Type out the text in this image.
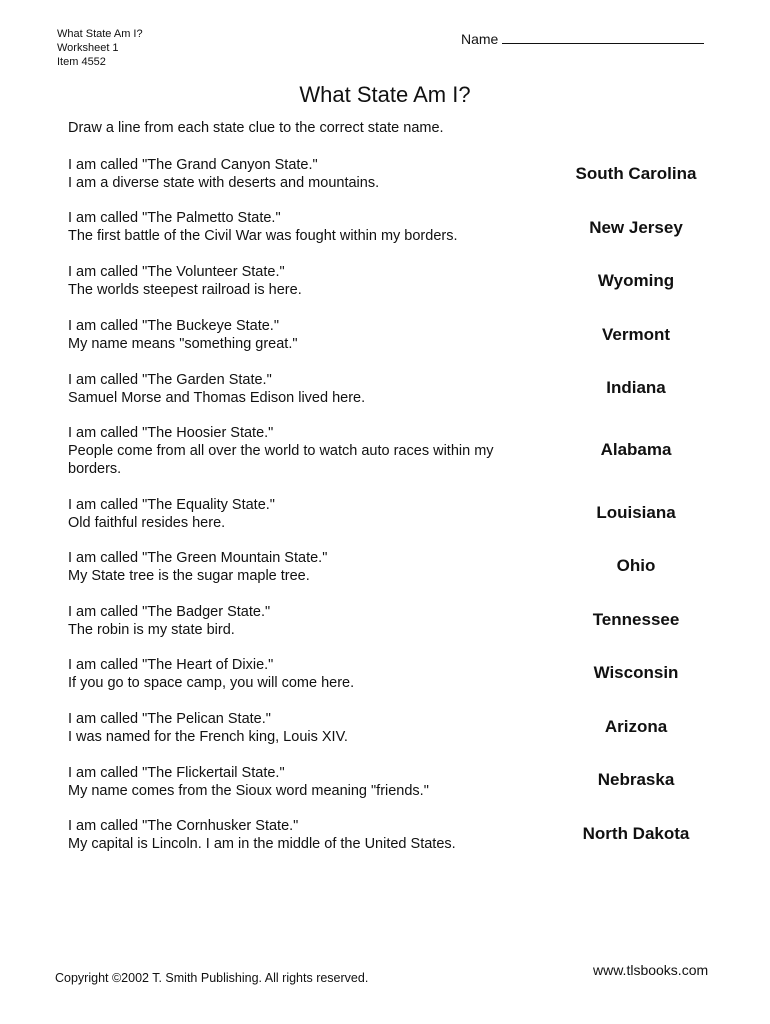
What State Am I?
Worksheet 1
Item 4552
Name
What State Am I?
Draw a line from each state clue to the correct state name.
I am called "The Grand Canyon State."
I am a diverse state with deserts and mountains.
I am called "The Palmetto State."
The first battle of the Civil War was fought within my borders.
I am called "The Volunteer State."
The worlds steepest railroad is here.
I am called "The Buckeye State."
My name means "something great."
I am called "The Garden State."
Samuel Morse and Thomas Edison lived here.
I am called "The Hoosier State."
People come from all over the world to watch auto races within my borders.
I am called "The Equality State."
Old faithful resides here.
I am called "The Green Mountain State."
My State tree is the sugar maple tree.
I am called "The Badger State."
The robin is my state bird.
I am called "The Heart of Dixie."
If you go to space camp, you will come here.
I am called "The Pelican State."
I was named for the French king, Louis XIV.
I am called "The Flickertail State."
My name comes from the Sioux word meaning "friends."
I am called "The Cornhusker State."
My capital is Lincoln. I am in the middle of the United States.
South Carolina
New Jersey
Wyoming
Vermont
Indiana
Alabama
Louisiana
Ohio
Tennessee
Wisconsin
Arizona
Nebraska
North Dakota
Copyright ©2002 T. Smith Publishing. All rights reserved.	www.tlsbooks.com
